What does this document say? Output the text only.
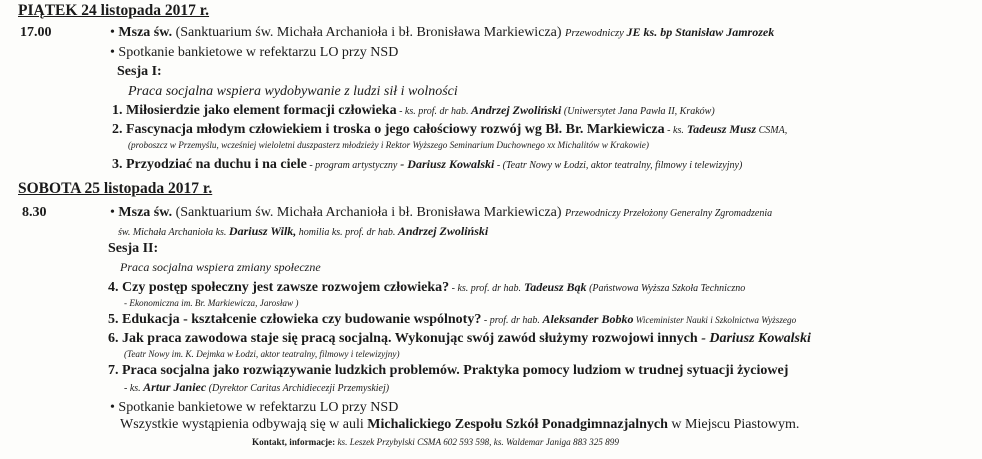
PIĄTEK 24 listopada 2017 r.
17.00	• Msza św. (Sanktuarium św. Michała Archanioła i bł. Bronisława Markiewicza) Przewodniczy JE ks. bp Stanisław Jamrozek
• Spotkanie bankietowe w refektarzu LO przy NSD
Sesja I:
Praca socjalna wspiera wydobywanie z ludzi sił i wolności
1. Miłosierdzie jako element formacji człowieka - ks. prof. dr hab. Andrzej Zwoliński (Uniwersytet Jana Pawła II, Kraków)
2. Fascynacja młodym człowiekiem i troska o jego całościowy rozwój wg Bł. Br. Markiewicza - ks. Tadeusz Musz CSMA,
(proboszcz w Przemyślu, wcześniej wieloletni duszpasterz młodzieży i Rektor Wyższego Seminarium Duchownego xx Michalitów w Krakowie)
3. Przyodziać na duchu i na ciele - program artystyczny - Dariusz Kowalski - (Teatr Nowy w Łodzi, aktor teatralny, filmowy i telewizyjny)
SOBOTA 25 listopada 2017 r.
8.30	• Msza św. (Sanktuarium św. Michała Archanioła i bł. Bronisława Markiewicza) Przewodniczy Przełożony Generalny Zgromadzenia
św. Michała Archanioła ks. Dariusz Wilk, homilia ks. prof. dr hab. Andrzej Zwoliński
Sesja II:
Praca socjalna wspiera zmiany społeczne
4. Czy postęp społeczny jest zawsze rozwojem człowieka? - ks. prof. dr hab. Tadeusz Bąk (Państwowa Wyższa Szkoła Techniczno
- Ekonomiczna im. Br. Markiewicza, Jarosław )
5. Edukacja - kształcenie człowieka czy budowanie wspólnoty? - prof. dr hab. Aleksander Bobko Wiceminister Nauki i Szkolnictwa Wyższego
6. Jak praca zawodowa staje się pracą socjalną. Wykonując swój zawód służymy rozwojowi innych - Dariusz Kowalski
(Teatr Nowy im. K. Dejmka w Łodzi, aktor teatralny, filmowy i telewizyjny)
7. Praca socjalna jako rozwiązywanie ludzkich problemów. Praktyka pomocy ludziom w trudnej sytuacji życiowej
- ks. Artur Janiec (Dyrektor Caritas Archidiecezji Przemyskiej)
• Spotkanie bankietowe w refektarzu LO przy NSD
Wszystkie wystąpienia odbywają się w auli Michalickiego Zespołu Szkół Ponadgimnazjalnych w Miejscu Piastowym.
Kontakt, informacje: ks. Leszek Przybylski CSMA 602 593 598, ks. Waldemar Janiga 883 325 899
